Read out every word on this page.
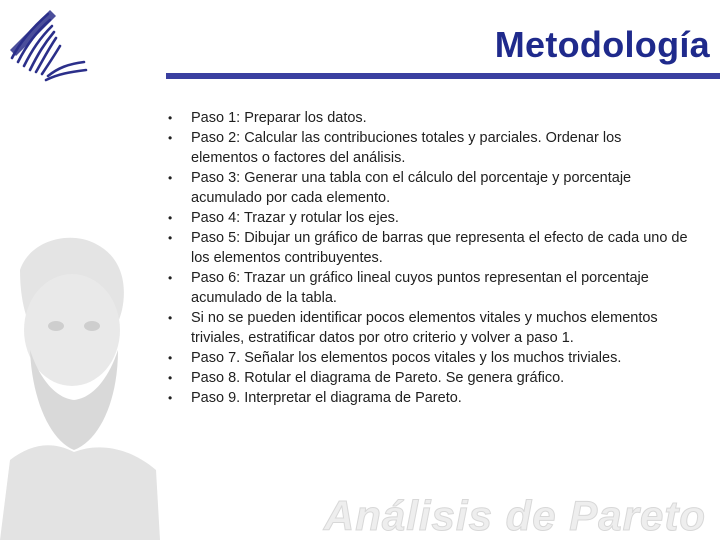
Metodología
• Paso 1: Preparar los datos.
• Paso 2: Calcular las contribuciones totales y parciales. Ordenar los elementos o factores del análisis.
• Paso 3: Generar una tabla con el cálculo del porcentaje y porcentaje acumulado por cada elemento.
• Paso 4: Trazar y rotular los ejes.
• Paso 5: Dibujar un gráfico de barras que representa el efecto de cada uno de los elementos contribuyentes.
• Paso 6: Trazar un gráfico lineal cuyos puntos representan el porcentaje acumulado de la tabla.
• Si no se pueden identificar pocos elementos vitales y muchos elementos triviales, estratificar datos por otro criterio y volver a paso 1.
• Paso 7. Señalar los elementos pocos vitales y los muchos triviales.
• Paso 8. Rotular el diagrama de Pareto. Se genera gráfico.
• Paso 9. Interpretar el diagrama de Pareto.
Análisis de Pareto
